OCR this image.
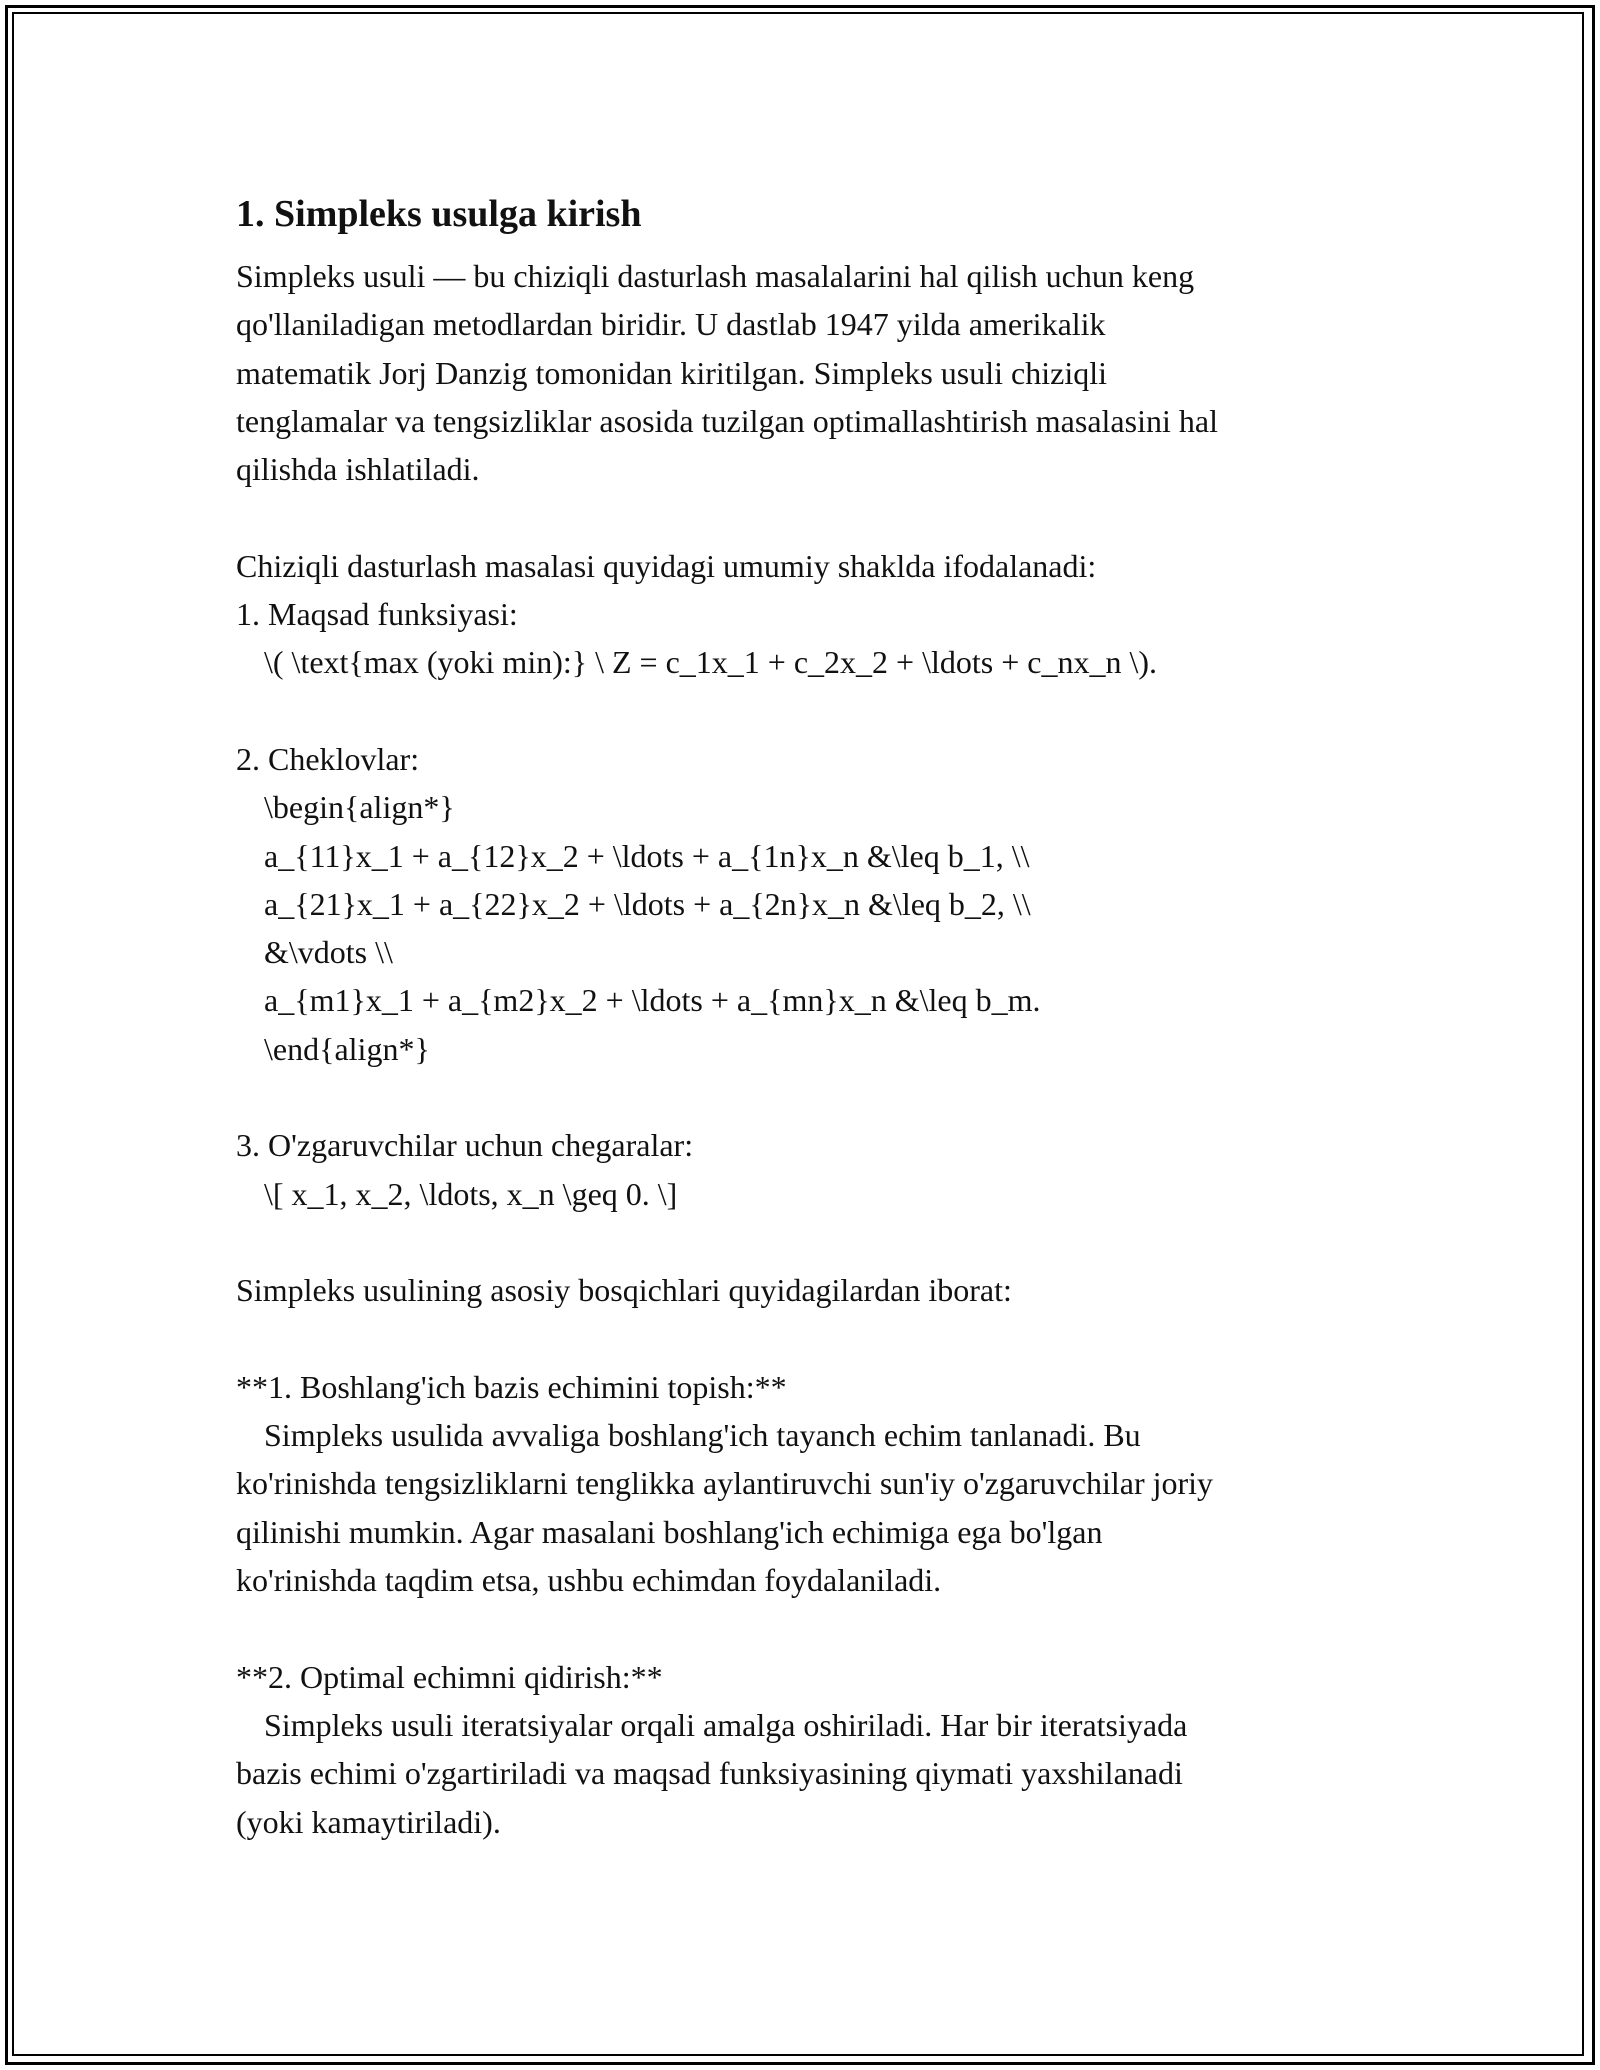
1. Simpleks usulga kirish
Simpleks usuli — bu chiziqli dasturlash masalalarini hal qilish uchun keng
qo'llaniladigan metodlardan biridir. U dastlab 1947 yilda amerikalik
matematik Jorj Danzig tomonidan kiritilgan. Simpleks usuli chiziqli
tenglamalar va tengsizliklar asosida tuzilgan optimallashtirish masalasini hal
qilishda ishlatiladi.
Chiziqli dasturlash masalasi quyidagi umumiy shaklda ifodalanadi:
1. Maqsad funksiyasi:
\( \text{max (yoki min):} \ Z = c_1x_1 + c_2x_2 + \ldots + c_nx_n \).
2. Cheklovlar:
\begin{align*}
a_{11}x_1 + a_{12}x_2 + \ldots + a_{1n}x_n &\leq b_1, \\
a_{21}x_1 + a_{22}x_2 + \ldots + a_{2n}x_n &\leq b_2, \\
&\vdots \\
a_{m1}x_1 + a_{m2}x_2 + \ldots + a_{mn}x_n &\leq b_m.
\end{align*}
3. O'zgaruvchilar uchun chegaralar:
\[ x_1, x_2, \ldots, x_n \geq 0. \]
Simpleks usulining asosiy bosqichlari quyidagilardan iborat:
**1. Boshlang'ich bazis echimini topish:**
Simpleks usulida avvaliga boshlang'ich tayanch echim tanlanadi. Bu
ko'rinishda tengsizliklarni tenglikka aylantiruvchi sun'iy o'zgaruvchilar joriy
qilinishi mumkin. Agar masalani boshlang'ich echimiga ega bo'lgan
ko'rinishda taqdim etsa, ushbu echimdan foydalaniladi.
**2. Optimal echimni qidirish:**
Simpleks usuli iteratsiyalar orqali amalga oshiriladi. Har bir iteratsiyada
bazis echimi o'zgartiriladi va maqsad funksiyasining qiymati yaxshilanadi
(yoki kamaytiriladi).
